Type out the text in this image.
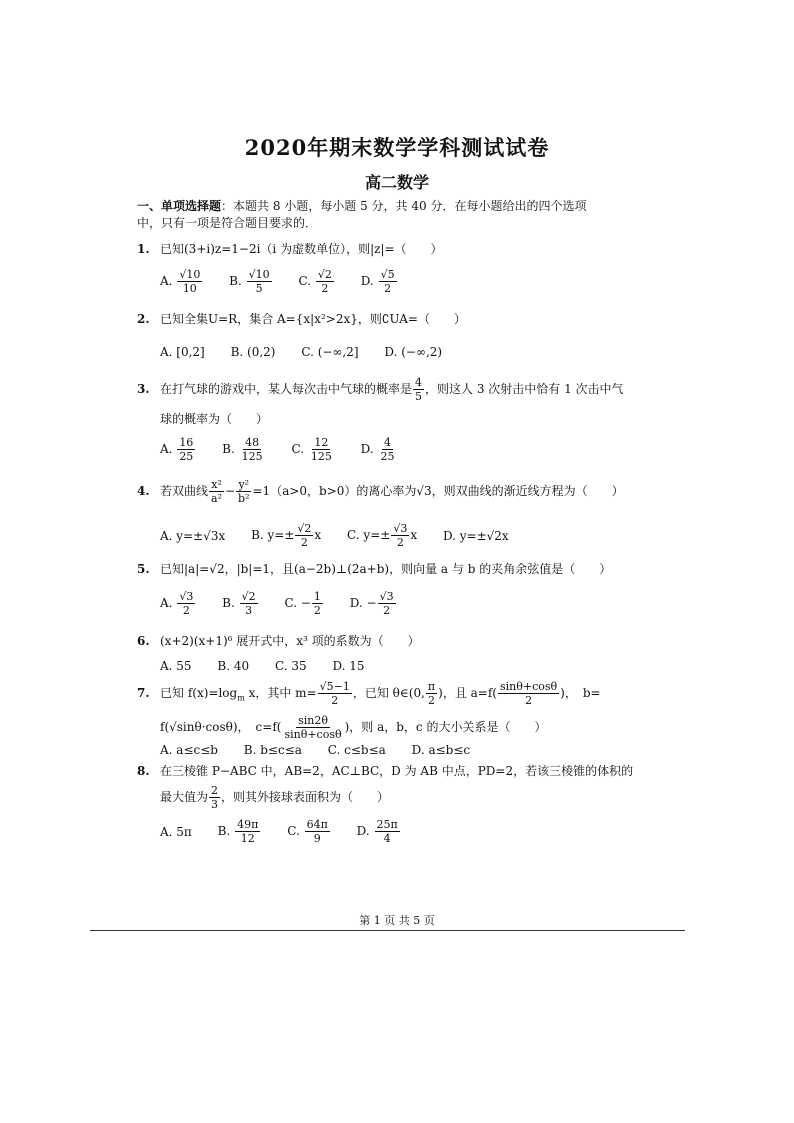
2020年期末数学学科测试试卷
高二数学
一、单项选择题：本题共 8 小题，每小题 5 分，共 40 分．在每小题给出的四个选项中，只有一项是符合题目要求的．
1. 已知(3+i)z=1−2i（i 为虚数单位），则|z|=（　　）
A. $\frac{√10}{10} B$. $\frac{√10}{5} C$. $\frac{√2}{2} D$. $\frac{√5}{2}$
2. 已知全集U=R，集合 A={x|x²>2x}，则∁UA=（　　）
A. [0,2] B. (0,2) C. (−∞,2] D. (−∞,2)
3. 在打气球的游戏中，某人每次击中气球的概率是 $\frac{4}{5}$ ，则这人 3 次射击中恰有 1 次击中气
球的概率为（　　）
A. $\frac{16}{25} B$. $\frac{48}{125} C$. $\frac{12}{125} D$. $\frac{4}{25}$
4. 若双曲线 $\frac{\text{x²}}{\text{a²}} - \frac{\text{y²}}{\text{b²}} =1(a>0$，b>0）的离心率为√3，则双曲线的渐近线方程为（　　）
A. y=±√3x B. $y=\pm \frac{√2}{2}$ x C. $y=\pm \frac{√3}{2}$ x D. y=±√2x
5. 已知|a|=√2，|b|=1，且(a−2b)⊥(2a+b)，则向量 a 与 b 的夹角余弦值是（　　）
A. $\frac{√3}{2} B$. $\frac{√2}{3} C$. − $\frac{1}{2} D$. − $\frac{√3}{2}$
6. (x+2)(x+1)⁶ 展开式中，x³ 项的系数为（　　）
A. 55 B. 40 C. 35 D. 15
7. 已知 $f(x)=\log_m$ x，其中 $m= \frac{√5-1}{2}$ ，已知 θ∈(0, $\frac{\pi}{2}$ )，且 $a=f( \frac{\sin\theta+\cos\theta}{2}$ )，　b=
f(√sinθ·cosθ)，　$c=f( \frac{\sin 2\theta}{\sin\theta+\cos\theta}$ )，则 a，b，c 的大小关系是（　　）
A. a≤c≤b B. b≤c≤a C. c≤b≤a D. a≤b≤c
8. 在三棱锥 P−ABC 中，AB=2，AC⊥BC，D 为 AB 中点，PD=2，若该三棱锥的体积的
最大值为 $\frac{2}{3}$ ，则其外接球表面积为（　　）
A. 5π B. $\frac{49\pi}{12} C$. $\frac{64\pi}{9} D$. $\frac{25\pi}{4}$
第 1 页 共 5 页
